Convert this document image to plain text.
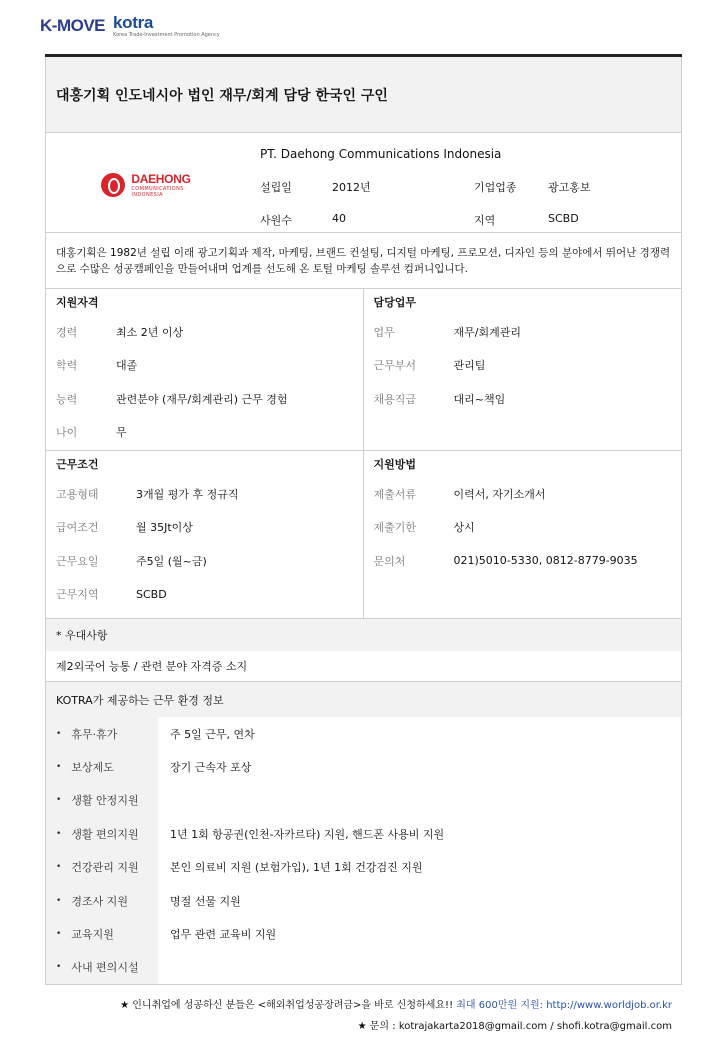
K-MOVE kotra
Korea Trade-Investment Promotion Agency
대홍기획 인도네시아 법인 재무/회계 담당 한국인 구인
DAEHONG
COMMUNICATIONS
INDONESIA
PT. Daehong Communications Indonesia
설립일	2012년	기업업종	광고홍보
사원수	40	지역	SCBD
대홍기획은 1982년 설립 이래 광고기획과 제작, 마케팅, 브랜드 컨설팅, 디지털 마케팅, 프로모션, 디자인 등의 분야에서 뛰어난 경쟁력으로 수많은 성공캠페인을 만들어내며 업계를 선도해 온 토털 마케팅 솔루션 컴퍼니입니다.
지원자격
경력	최소 2년 이상
학력	대졸
능력	관련분야 (재무/회계관리) 근무 경험
나이	무
담당업무
업무	재무/회계관리
근무부서	관리팀
채용직급	대리~책임
근무조건
고용형태	3개월 평가 후 정규직
급여조건	월 35Jt이상
근무요일	주5일 (월~금)
근무지역	SCBD
지원방법
제출서류	이력서, 자기소개서
제출기한	상시
문의처	021)5010-5330, 0812-8779-9035
* 우대사항
제2외국어 능통 / 관련 분야 자격증 소지
KOTRA가 제공하는 근무 환경 정보
• 휴무·휴가	주 5일 근무, 연차
• 보상제도	장기 근속자 포상
• 생활 안정지원
• 생활 편의지원	1년 1회 항공권(인천-자카르타) 지원, 핸드폰 사용비 지원
• 건강관리 지원	본인 의료비 지원 (보험가입), 1년 1회 건강검진 지원
• 경조사 지원	명절 선물 지원
• 교육지원	업무 관련 교육비 지원
• 사내 편의시설
★ 인니취업에 성공하신 분들은 <해외취업성공장려금>을 바로 신청하세요!! 최대 600만원 지원: http://www.worldjob.or.kr
★ 문의 : kotrajakarta2018@gmail.com / shofi.kotra@gmail.com
